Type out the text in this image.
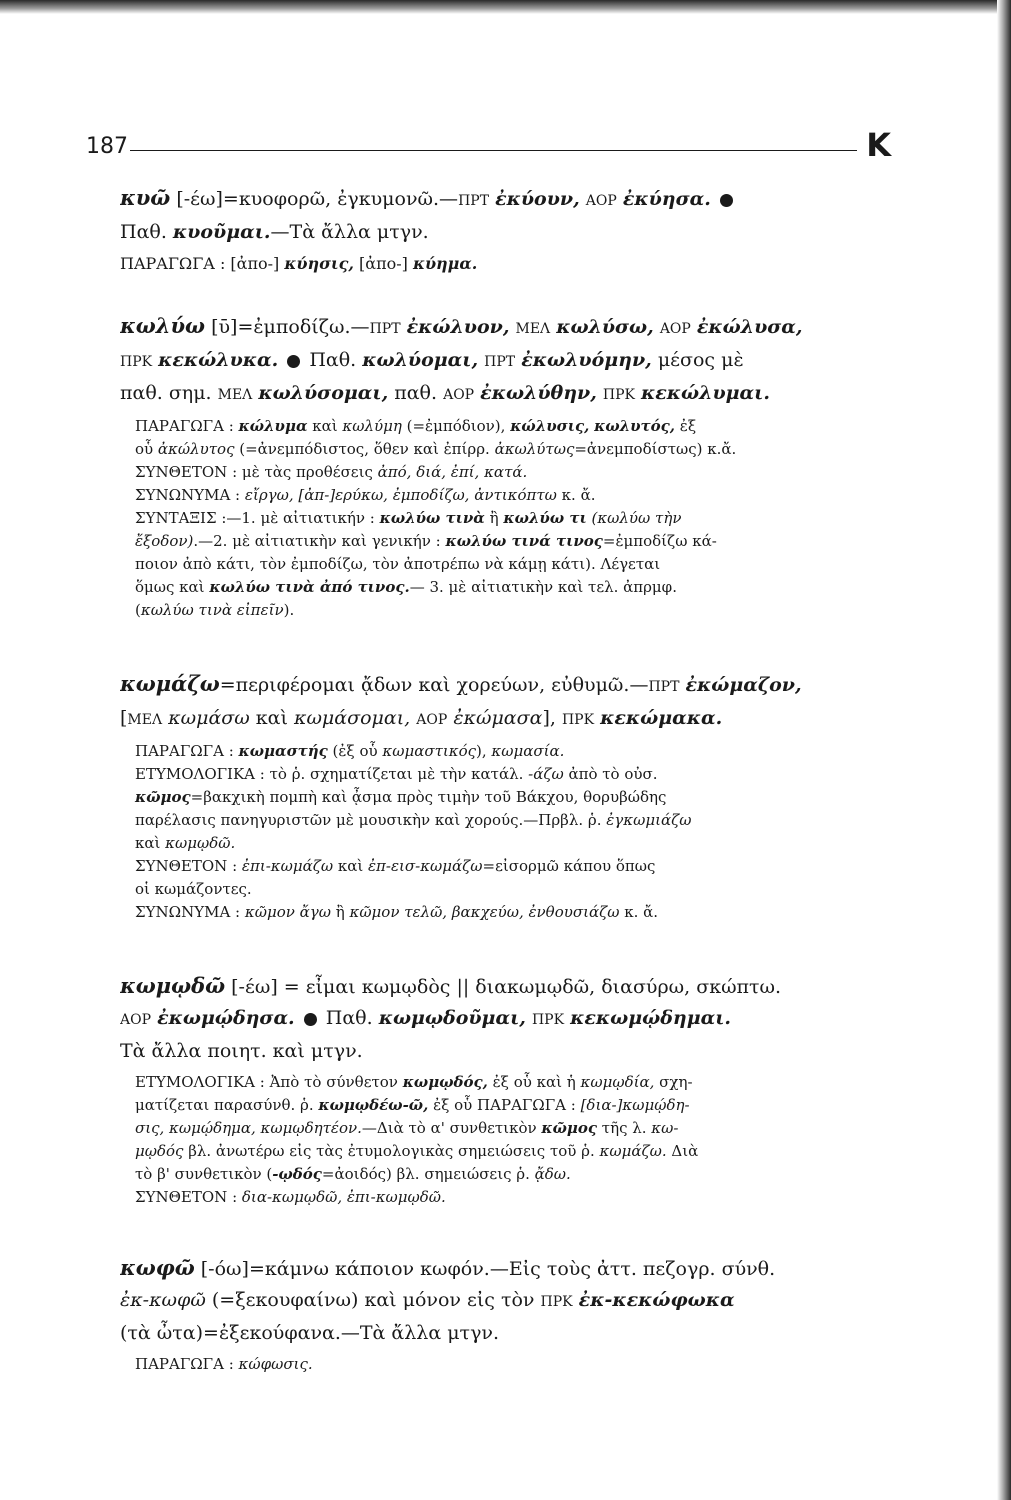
187	Κ
κυῶ [-έω]=κυοφορῶ, ἐγκυμονῶ.—ΠΡΤ ἐκύουν, ΑΟΡ ἐκύησα.
Παθ. κυοῦμαι.—Τὰ ἄλλα μτγν.
ΠΑΡΑΓΩΓΑ : [ἀπο-] κύησις, [ἀπο-] κύημα.
κωλύω [ῡ]=ἐμποδίζω.—ΠΡΤ ἐκώλυον, ΜΕΛ κωλύσω, ΑΟΡ ἐκώλυσα,
ΠΡΚ κεκώλυκα.  Παθ. κωλύομαι, ΠΡΤ ἐκωλυόμην, μέσος μὲ
παθ. σημ. ΜΕΛ κωλύσομαι, παθ. ΑΟΡ ἐκωλύθην, ΠΡΚ κεκώλυμαι.
ΠΑΡΑΓΩΓΑ : κώλυμα καὶ κωλύμη (=ἐμπόδιον), κώλυσις, κωλυτός, ἐξ
οὗ ἀκώλυτος (=ἀνεμπόδιστος, ὅθεν καὶ ἐπίρρ. ἀκωλύτως=ἀνεμποδίστως) κ.ἄ.
ΣΥΝΘΕΤΟΝ : μὲ τὰς προθέσεις ἀπό, διά, ἐπί, κατά.
ΣΥΝΩΝΥΜΑ : εἴργω, [ἀπ-]ερύκω, ἐμποδίζω, ἀντικόπτω κ. ἄ.
ΣΥΝΤΑΞΙΣ :—1. μὲ αἰτιατικήν : κωλύω τινὰ ἢ κωλύω τι (κωλύω τὴν
ἔξοδον).—2. μὲ αἰτιατικὴν καὶ γενικήν : κωλύω τινά τινος=ἐμποδίζω κά-
ποιον ἀπὸ κάτι, τὸν ἐμποδίζω, τὸν ἀποτρέπω νὰ κάμῃ κάτι). Λέγεται
ὅμως καὶ κωλύω τινὰ ἀπό τινος.— 3. μὲ αἰτιατικὴν καὶ τελ. ἀπρμφ.
(κωλύω τινὰ εἰπεῖν).
κωμάζω=περιφέρομαι ᾄδων καὶ χορεύων, εὐθυμῶ.—ΠΡΤ ἐκώμαζον,
[ΜΕΛ κωμάσω καὶ κωμάσομαι, ΑΟΡ ἐκώμασα], ΠΡΚ κεκώμακα.
ΠΑΡΑΓΩΓΑ : κωμαστής (ἐξ οὗ κωμαστικός), κωμασία.
ΕΤΥΜΟΛΟΓΙΚΑ : τὸ ῥ. σχηματίζεται μὲ τὴν κατάλ. -άζω ἀπὸ τὸ οὐσ.
κῶμος=βακχικὴ πομπὴ καὶ ᾆσμα πρὸς τιμὴν τοῦ Βάκχου, θορυβώδης
παρέλασις πανηγυριστῶν μὲ μουσικὴν καὶ χορούς.—Πρβλ. ῥ. ἐγκωμιάζω
καὶ κωμῳδῶ.
ΣΥΝΘΕΤΟΝ : ἐπι-κωμάζω καὶ ἐπ-εισ-κωμάζω=εἰσορμῶ κάπου ὅπως
οἱ κωμάζοντες.
ΣΥΝΩΝΥΜΑ : κῶμον ἄγω ἢ κῶμον τελῶ, βακχεύω, ἐνθουσιάζω κ. ἄ.
κωμῳδῶ [-έω] = εἶμαι κωμῳδὸς || διακωμῳδῶ, διασύρω, σκώπτω.
ΑΟΡ ἐκωμῴδησα.  Παθ. κωμῳδοῦμαι, ΠΡΚ κεκωμῴδημαι.
Τὰ ἄλλα ποιητ. καὶ μτγν.
ΕΤΥΜΟΛΟΓΙΚΑ : Ἀπὸ τὸ σύνθετον κωμῳδός, ἐξ οὗ καὶ ἡ κωμῳδία, σχη-
ματίζεται παρασύνθ. ῥ. κωμῳδέω-ῶ, ἐξ οὗ ΠΑΡΑΓΩΓΑ : [δια-]κωμῴδη-
σις, κωμῴδημα, κωμῳδητέον.—Διὰ τὸ α' συνθετικὸν κῶμος τῆς λ. κω-
μῳδός βλ. ἀνωτέρω εἰς τὰς ἐτυμολογικὰς σημειώσεις τοῦ ῥ. κωμάζω. Διὰ
τὸ β' συνθετικὸν (-ῳδός=ἀοιδός) βλ. σημειώσεις ῥ. ᾄδω.
ΣΥΝΘΕΤΟΝ : δια-κωμῳδῶ, ἐπι-κωμῳδῶ.
κωφῶ [-όω]=κάμνω κάποιον κωφόν.—Εἰς τοὺς ἀττ. πεζογρ. σύνθ.
ἐκ-κωφῶ (=ξεκουφαίνω) καὶ μόνον εἰς τὸν ΠΡΚ ἐκ-κεκώφωκα
(τὰ ὦτα)=ἐξεκούφανα.—Τὰ ἄλλα μτγν.
ΠΑΡΑΓΩΓΑ : κώφωσις.
